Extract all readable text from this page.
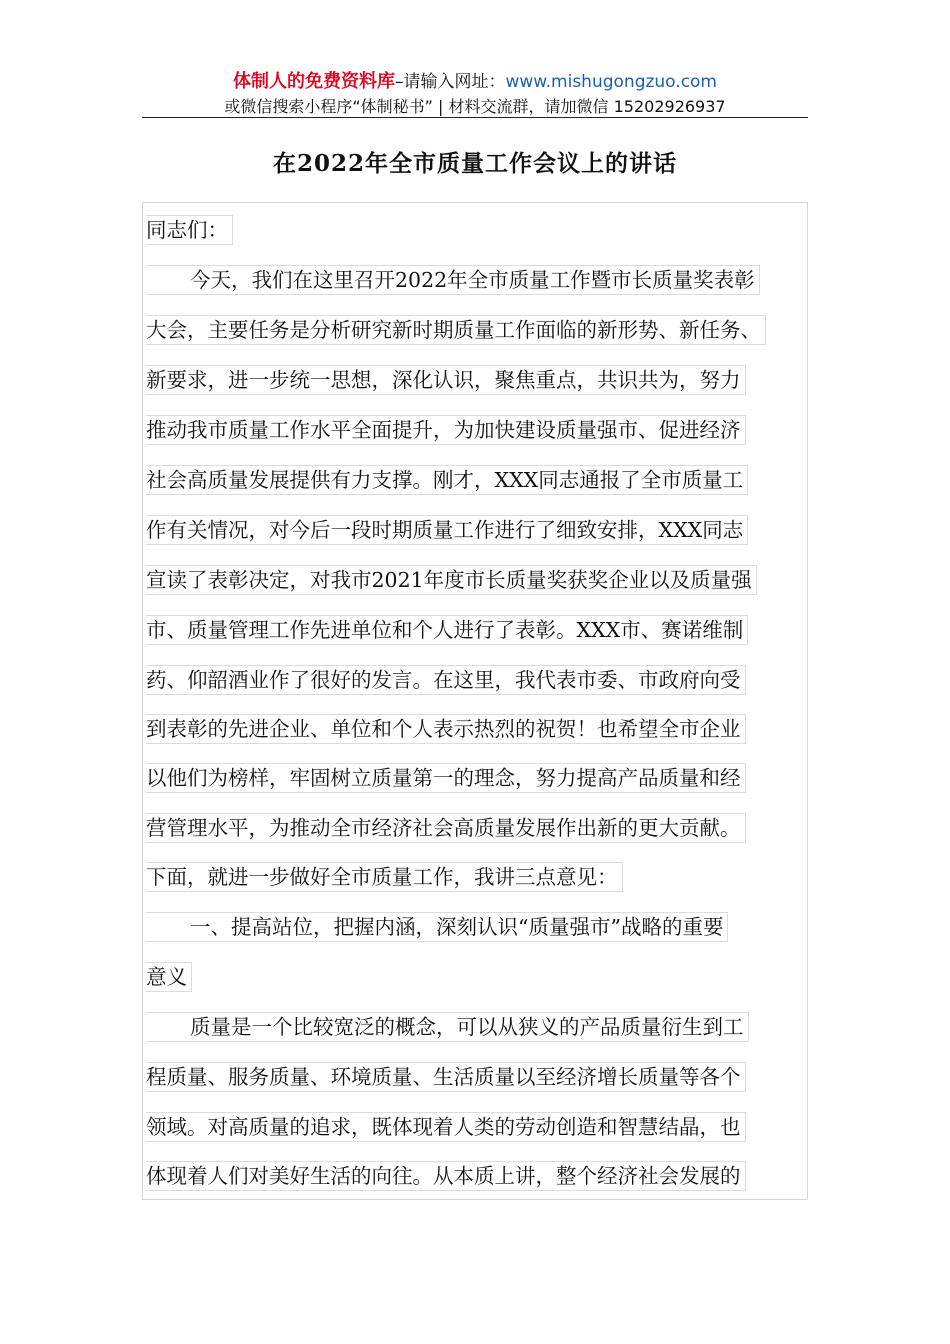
体制人的免费资料库–请输入网址：www.mishugongzuo.com
或微信搜索小程序“体制秘书” | 材料交流群，请加微信 15202926937
在2022年全市质量工作会议上的讲话
同志们：
今天，我们在这里召开2022年全市质量工作暨市长质量奖表彰
大会，主要任务是分析研究新时期质量工作面临的新形势、新任务、
新要求，进一步统一思想，深化认识，聚焦重点，共识共为，努力
推动我市质量工作水平全面提升，为加快建设质量强市、促进经济
社会高质量发展提供有力支撑。刚才，XXX同志通报了全市质量工
作有关情况，对今后一段时期质量工作进行了细致安排，XXX同志
宣读了表彰决定，对我市2021年度市长质量奖获奖企业以及质量强
市、质量管理工作先进单位和个人进行了表彰。XXX市、赛诺维制
药、仰韶酒业作了很好的发言。在这里，我代表市委、市政府向受
到表彰的先进企业、单位和个人表示热烈的祝贺！也希望全市企业
以他们为榜样，牢固树立质量第一的理念，努力提高产品质量和经
营管理水平，为推动全市经济社会高质量发展作出新的更大贡献。
下面，就进一步做好全市质量工作，我讲三点意见：
一、提高站位，把握内涵，深刻认识“质量强市”战略的重要
意义
质量是一个比较宽泛的概念，可以从狭义的产品质量衍生到工
程质量、服务质量、环境质量、生活质量以至经济增长质量等各个
领域。对高质量的追求，既体现着人类的劳动创造和智慧结晶，也
体现着人们对美好生活的向往。从本质上讲，整个经济社会发展的
